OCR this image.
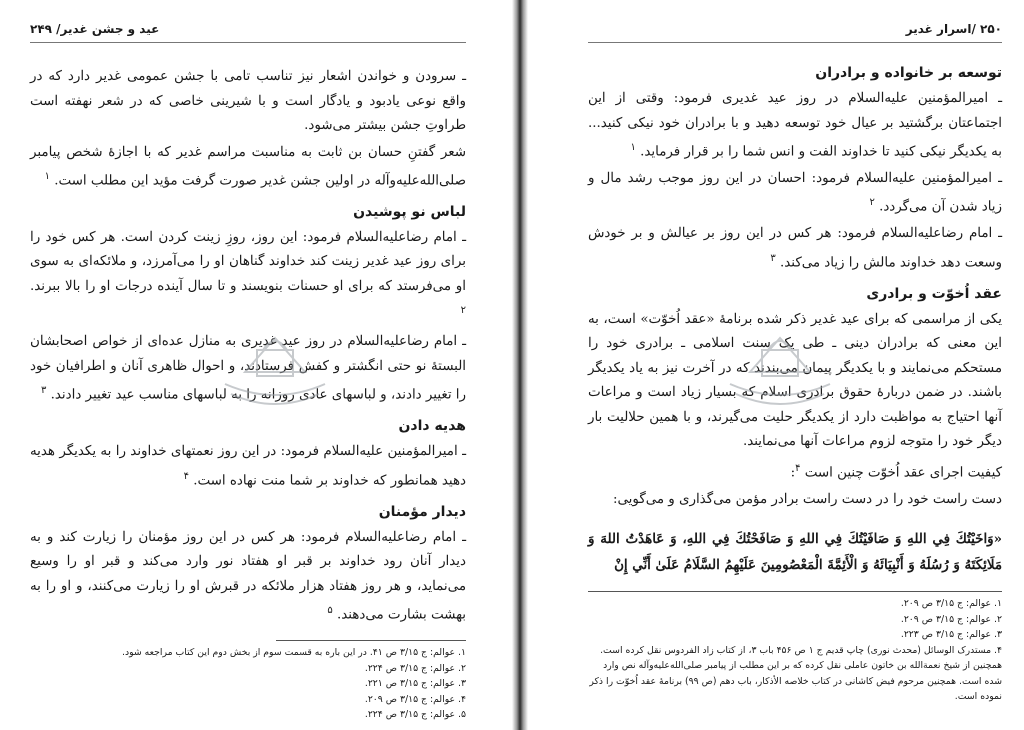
عید و جشن غدیر/ ۲۴۹

ـ سرودن و خواندن اشعار نیز تناسب تامی با جشن عمومی غدیر دارد که در واقع نوعی یادبود و یادگار است و با شیرینی خاصی که در شعر نهفته است طراوتِ جشن بیشتر می‌شود.

شعر گفتنِ حسان بن ثابت به مناسبت مراسم غدیر که با اجازهٔ شخص پیامبر صلی‌الله‌علیه‌وآله در اولین جشن غدیر صورت گرفت مؤید این مطلب است. $^۱$

لباس نو پوشیدن

ـ امام رضاعلیه‌السلام فرمود: این روز، روزِ زینت کردن است. هر کس خود را برای روز عید غدیر زینت کند خداوند گناهان او را می‌آمرزد، و ملائکه‌ای به سوی او می‌فرستد که برای او حسنات بنویسند و تا سال آینده درجات او را بالا ببرند. $^۲$

ـ امام رضاعلیه‌السلام در روز عید غدیری به منازل عده‌ای از خواص اصحابشان البستهٔ نو حتی انگشتر و کفش فرستادند، و احوال ظاهری آنان و اطرافیان خود را تغییر دادند، و لباسهای عادی روزانه را به لباسهای مناسب عید تغییر دادند. $^۳$

هدیه دادن

ـ امیرالمؤمنین علیه‌السلام فرمود: در این روز نعمتهای خداوند را به یکدیگر هدیه دهید همانطور که خداوند بر شما منت نهاده است. $^۴$

دیدار مؤمنان

ـ امام رضاعلیه‌السلام فرمود: هر کس در این روز مؤمنان را زیارت کند و به دیدار آنان رود خداوند بر قبر او هفتاد نور وارد می‌کند و قبر او را وسیع می‌نماید، و هر روز هفتاد هزار ملائکه در قبرش او را زیارت می‌کنند، و او را به بهشت بشارت می‌دهند. $^۵$

۱. عوالم: ج ۳/۱۵ ص ۴۱. در این باره به قسمت سوم از بخش دوم این کتاب مراجعه شود.
۲. عوالم: ج ۳/۱۵ ص ۲۲۴.
۳. عوالم: ج ۳/۱۵ ص ۲۲۱.
۴. عوالم: ج ۳/۱۵ ص ۲۰۹.
۵. عوالم: ج ۳/۱۵ ص ۲۲۴.
۲۵۰ /اسرار غدیر
توسعه بر خانواده و برادران

ـ امیرالمؤمنین علیه‌السلام در روز عید غدیری فرمود: وقتی از این اجتماعتان برگشتید بر عیال خود توسعه دهید و با برادران خود نیکی کنید... به یکدیگر نیکی کنید تا خداوند الفت و انس شما را بر قرار فرماید. $^۱$

ـ امیرالمؤمنین علیه‌السلام فرمود: احسان در این روز موجب رشد مال و زیاد شدن آن می‌گردد. $^۲$

ـ امام رضاعلیه‌السلام فرمود: هر کس در این روز بر عیالش و بر خودش وسعت دهد خداوند مالش را زیاد می‌کند. $^۳$

عقد اُخوّت و برادری

یکی از مراسمی که برای عید غدیر ذکر شده برنامهٔ «عقد اُخوّت» است، به این معنی که برادران دینی ـ طی یک سنت اسلامی ـ برادری خود را مستحکم می‌نمایند و با یکدیگر پیمان می‌بندند که در آخرت نیز به یاد یکدیگر باشند. در ضمن دربارهٔ حقوق برادری اسلام که بسیار زیاد است و مراعات آنها احتیاج به مواظبت دارد از یکدیگر حلیت می‌گیرند، و با همین حلالیت بار دیگر خود را متوجه لزوم مراعات آنها می‌نمایند.

کیفیت اجرای عقد اُخوّت چنین است $^۴$:

دست راست خود را در دست راست برادر مؤمن می‌گذاری و می‌گویی:

«وَاخَيْتُكَ فِي اللهِ وَ صَافَيْتُكَ فِي اللهِ وَ صَافَحْتُكَ فِي اللهِ، وَ عَاهَدْتُ اللهَ وَ مَلَائِكَتَهُ وَ رُسُلَهُ وَ أَنْبِيَائَهُ وَ الْأَئِمَّةَ الْمَعْصُومِينَ عَلَيْهِمُ السَّلَامُ عَلَىٰ أَنِّي إِنْ

۱. عوالم: ج ۳/۱۵ ص ۲۰۹.
۲. عوالم: ج ۳/۱۵ ص ۲۰۹.
۳. عوالم: ج ۳/۱۵ ص ۲۲۳.
۴. مستدرک الوسائل (محدث نوری) چاپ قدیم ج ۱ ص ۴۵۶ باب ۳، از کتاب زاد الفردوس نقل کرده است. همچنین از شیخ نعمة‌الله بن خاتون عاملی نقل کرده که بر این مطلب از پیامبر صلی‌الله‌علیه‌وآله نص وارد شده است. همچنین مرحوم فیض کاشانی در کتاب خلاصه الأذکار، باب دهم (ص ۹۹) برنامهٔ عقد اُخوّت را ذکر نموده است.
